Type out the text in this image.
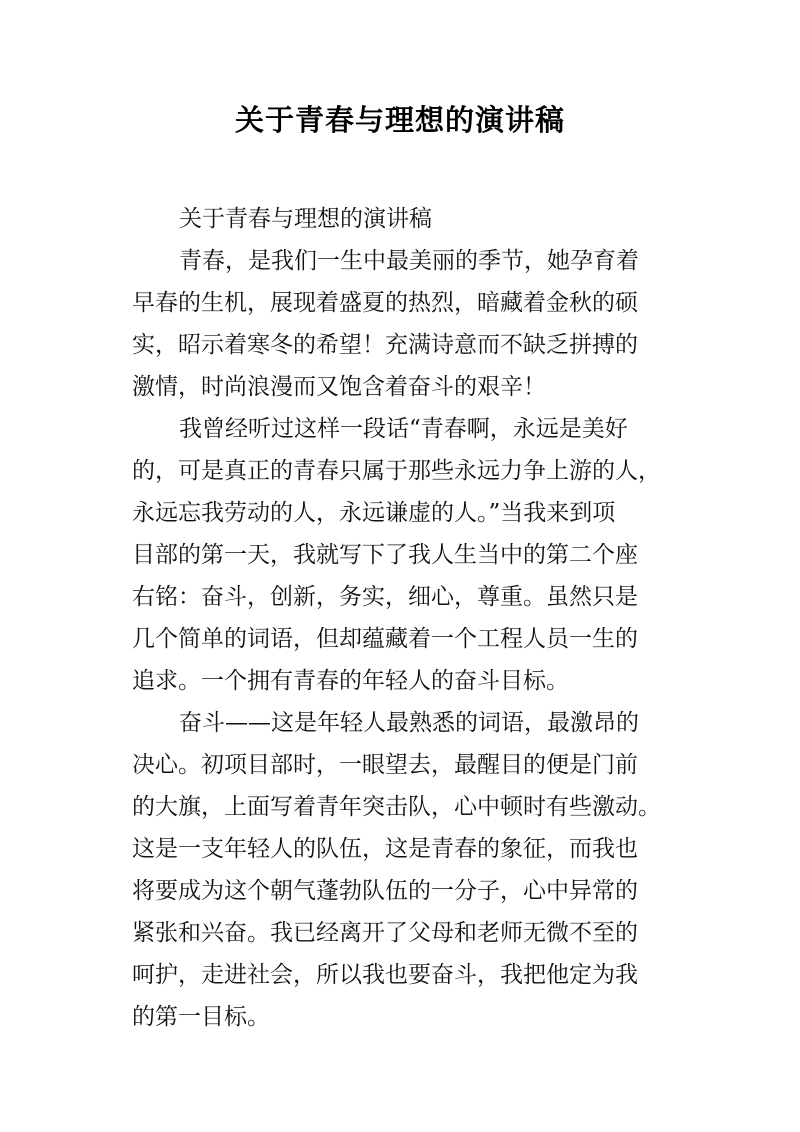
关于青春与理想的演讲稿
关于青春与理想的演讲稿
青春，是我们一生中最美丽的季节，她孕育着
早春的生机，展现着盛夏的热烈，暗藏着金秋的硕
实，昭示着寒冬的希望！充满诗意而不缺乏拼搏的
激情，时尚浪漫而又饱含着奋斗的艰辛！
我曾经听过这样一段话“青春啊，永远是美好
的，可是真正的青春只属于那些永远力争上游的人，
永远忘我劳动的人，永远谦虚的人。”当我来到项
目部的第一天，我就写下了我人生当中的第二个座
右铭：奋斗，创新，务实，细心，尊重。虽然只是
几个简单的词语，但却蕴藏着一个工程人员一生的
追求。一个拥有青春的年轻人的奋斗目标。
奋斗——这是年轻人最熟悉的词语，最激昂的
决心。初项目部时，一眼望去，最醒目的便是门前
的大旗，上面写着青年突击队，心中顿时有些激动。
这是一支年轻人的队伍，这是青春的象征，而我也
将要成为这个朝气蓬勃队伍的一分子，心中异常的
紧张和兴奋。我已经离开了父母和老师无微不至的
呵护，走进社会，所以我也要奋斗，我把他定为我
的第一目标。
